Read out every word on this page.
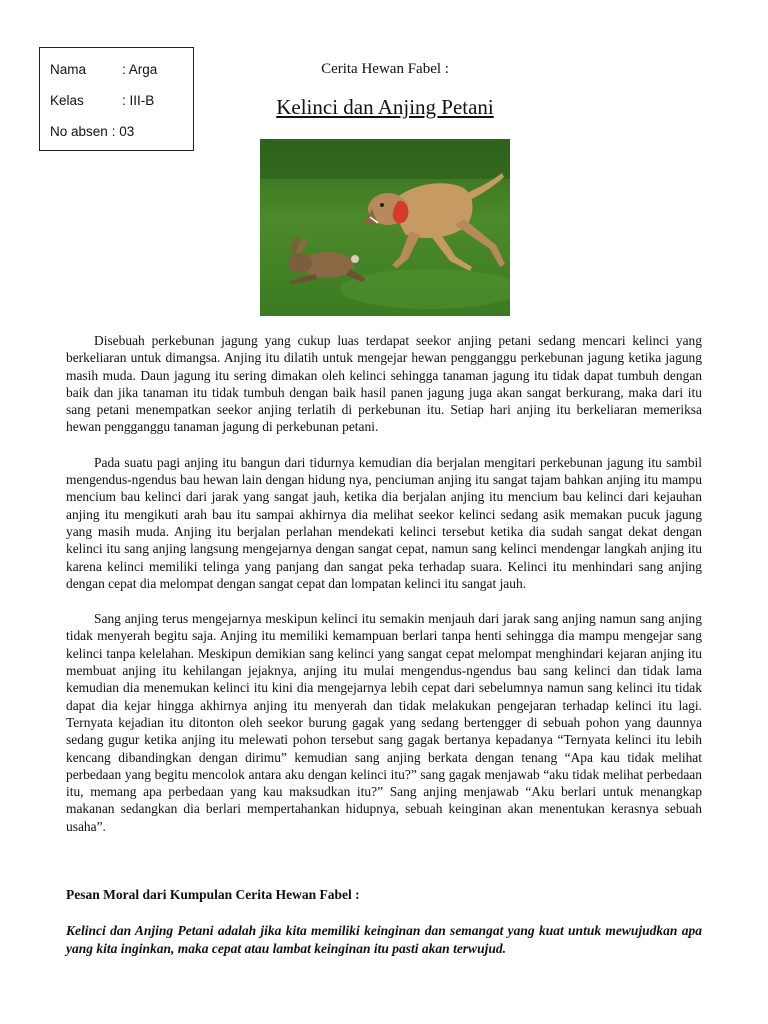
Nama	: Arga
Kelas	: III-B
No absen : 03
Cerita Hewan Fabel :
Kelinci dan Anjing Petani

Disebuah perkebunan jagung yang cukup luas terdapat seekor anjing petani sedang mencari kelinci yang berkeliaran untuk dimangsa. Anjing itu dilatih untuk mengejar hewan pengganggu perkebunan jagung ketika jagung masih muda. Daun jagung itu sering dimakan oleh kelinci sehingga tanaman jagung itu tidak dapat tumbuh dengan baik dan jika tanaman itu tidak tumbuh dengan baik hasil panen jagung juga akan sangat berkurang, maka dari itu sang petani menempatkan seekor anjing terlatih di perkebunan itu. Setiap hari anjing itu berkeliaran memeriksa hewan pengganggu tanaman jagung di perkebunan petani.

Pada suatu pagi anjing itu bangun dari tidurnya kemudian dia berjalan mengitari perkebunan jagung itu sambil mengendus-ngendus bau hewan lain dengan hidung nya, penciuman anjing itu sangat tajam bahkan anjing itu mampu mencium bau kelinci dari jarak yang sangat jauh, ketika dia berjalan anjing itu mencium bau kelinci dari kejauhan anjing itu mengikuti arah bau itu sampai akhirnya dia melihat seekor kelinci sedang asik memakan pucuk jagung yang masih muda. Anjing itu berjalan perlahan mendekati kelinci tersebut ketika dia sudah sangat dekat dengan kelinci itu sang anjing langsung mengejarnya dengan sangat cepat, namun sang kelinci mendengar langkah anjing itu karena kelinci memiliki telinga yang panjang dan sangat peka terhadap suara. Kelinci itu menhindari sang anjing dengan cepat dia melompat dengan sangat cepat dan lompatan kelinci itu sangat jauh.

Sang anjing terus mengejarnya meskipun kelinci itu semakin menjauh dari jarak sang anjing namun sang anjing tidak menyerah begitu saja. Anjing itu memiliki kemampuan berlari tanpa henti sehingga dia mampu mengejar sang kelinci tanpa kelelahan. Meskipun demikian sang kelinci yang sangat cepat melompat menghindari kejaran anjing itu membuat anjing itu kehilangan jejaknya, anjing itu mulai mengendus-ngendus bau sang kelinci dan tidak lama kemudian dia menemukan kelinci itu kini dia mengejarnya lebih cepat dari sebelumnya namun sang kelinci itu tidak dapat dia kejar hingga akhirnya anjing itu menyerah dan tidak melakukan pengejaran terhadap kelinci itu lagi. Ternyata kejadian itu ditonton oleh seekor burung gagak yang sedang bertengger di sebuah pohon yang daunnya sedang gugur ketika anjing itu melewati pohon tersebut sang gagak bertanya kepadanya “Ternyata kelinci itu lebih kencang dibandingkan dengan dirimu” kemudian sang anjing berkata dengan tenang “Apa kau tidak melihat perbedaan yang begitu mencolok antara aku dengan kelinci itu?” sang gagak menjawab “aku tidak melihat perbedaan itu, memang apa perbedaan yang kau maksudkan itu?” Sang anjing menjawab “Aku berlari untuk menangkap makanan sedangkan dia berlari mempertahankan hidupnya, sebuah keinginan akan menentukan kerasnya sebuah usaha”.

Pesan Moral dari Kumpulan Cerita Hewan Fabel :
Kelinci dan Anjing Petani adalah jika kita memiliki keinginan dan semangat yang kuat untuk mewujudkan apa yang kita inginkan, maka cepat atau lambat keinginan itu pasti akan terwujud.
